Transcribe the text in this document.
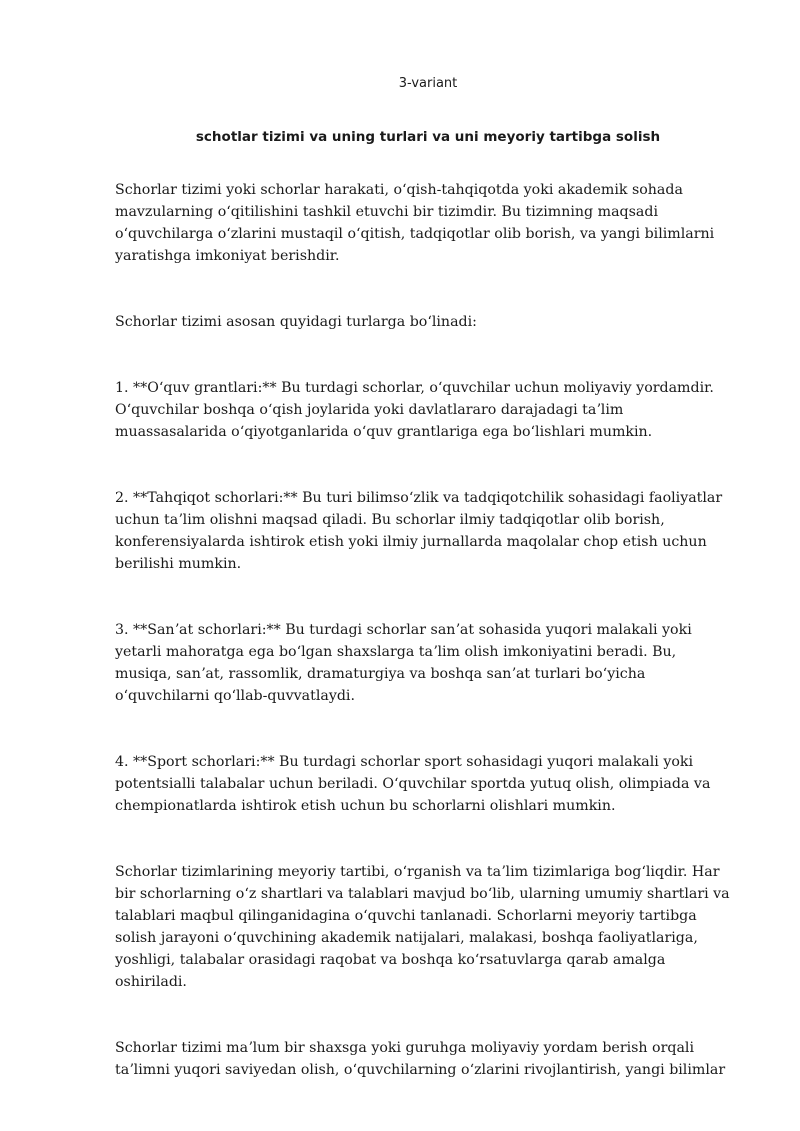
3-variant
schotlar tizimi va uning turlari va uni meyoriy tartibga solish

Schorlar tizimi yoki schorlar harakati, oʻqish-tahqiqotda yoki akademik sohada mavzularning oʻqitilishini tashkil etuvchi bir tizimdir. Bu tizimning maqsadi oʻquvchilarga oʻzlarini mustaqil oʻqitish, tadqiqotlar olib borish, va yangi bilimlarni yaratishga imkoniyat berishdir.

Schorlar tizimi asosan quyidagi turlarga boʻlinadi:

1. **Oʻquv grantlari:** Bu turdagi schorlar, oʻquvchilar uchun moliyaviy yordamdir. Oʻquvchilar boshqa oʻqish joylarida yoki davlatlararo darajadagi taʼlim muassasalarida oʻqiyotganlarida oʻquv grantlariga ega boʻlishlari mumkin.

2. **Tahqiqot schorlari:** Bu turi bilimsoʻzlik va tadqiqotchilik sohasidagi faoliyatlar uchun taʼlim olishni maqsad qiladi. Bu schorlar ilmiy tadqiqotlar olib borish, konferensiyalarda ishtirok etish yoki ilmiy jurnallarda maqolalar chop etish uchun berilishi mumkin.

3. **Sanʼat schorlari:** Bu turdagi schorlar sanʼat sohasida yuqori malakali yoki yetarli mahoratga ega boʻlgan shaxslarga taʼlim olish imkoniyatini beradi. Bu, musiqa, sanʼat, rassomlik, dramaturgiya va boshqa sanʼat turlari boʻyicha oʻquvchilarni qoʻllab-quvvatlaydi.

4. **Sport schorlari:** Bu turdagi schorlar sport sohasidagi yuqori malakali yoki potentsialli talabalar uchun beriladi. Oʻquvchilar sportda yutuq olish, olimpiada va chempionatlarda ishtirok etish uchun bu schorlarni olishlari mumkin.

Schorlar tizimlarining meyoriy tartibi, oʻrganish va taʼlim tizimlariga bogʻliqdir. Har bir schorlarning oʻz shartlari va talablari mavjud boʻlib, ularning umumiy shartlari va talablari maqbul qilinganidagina oʻquvchi tanlanadi. Schorlarni meyoriy tartibga solish jarayoni oʻquvchining akademik natijalari, malakasi, boshqa faoliyatlariga, yoshligi, talabalar orasidagi raqobat va boshqa koʻrsatuvlarga qarab amalga oshiriladi.

Schorlar tizimi maʼlum bir shaxsga yoki guruhga moliyaviy yordam berish orqali taʼlimni yuqori saviyedan olish, oʻquvchilarning oʻzlarini rivojlantirish, yangi bilimlar
